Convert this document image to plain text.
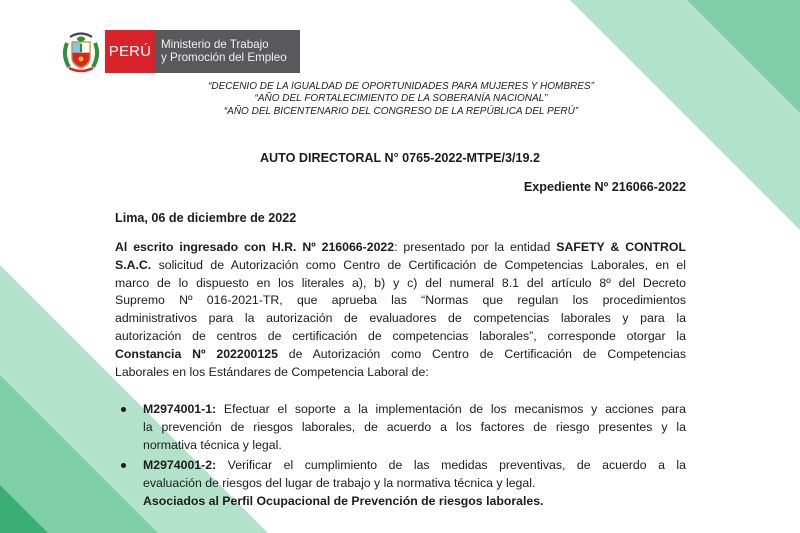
PERÚ Ministerio de Trabajo
y Promoción del Empleo
“DECENIO DE LA IGUALDAD DE OPORTUNIDADES PARA MUJERES Y HOMBRES”
“AÑO DEL FORTALECIMIENTO DE LA SOBERANÍA NACIONAL”
“AÑO DEL BICENTENARIO DEL CONGRESO DE LA REPÚBLICA DEL PERÚ”
AUTO DIRECTORAL N° 0765-2022-MTPE/3/19.2
Expediente Nº 216066-2022
Lima, 06 de diciembre de 2022
Al escrito ingresado con H.R. Nº 216066-2022: presentado por la entidad SAFETY & CONTROL
S.A.C. solicitud de Autorización como Centro de Certificación de Competencias Laborales, en el
marco de lo dispuesto en los literales a), b) y c) del numeral 8.1 del artículo 8º del Decreto
Supremo Nº 016-2021-TR, que aprueba las “Normas que regulan los procedimientos
administrativos para la autorización de evaluadores de competencias laborales y para la
autorización de centros de certificación de competencias laborales”, corresponde otorgar la
Constancia Nº 202200125 de Autorización como Centro de Certificación de Competencias
Laborales en los Estándares de Competencia Laboral de:
M2974001-1: Efectuar el soporte a la implementación de los mecanismos y acciones para
la prevención de riesgos laborales, de acuerdo a los factores de riesgo presentes y la
normativa técnica y legal.
M2974001-2: Verificar el cumplimiento de las medidas preventivas, de acuerdo a la
evaluación de riesgos del lugar de trabajo y la normativa técnica y legal.
Asociados al Perfil Ocupacional de Prevención de riesgos laborales.
